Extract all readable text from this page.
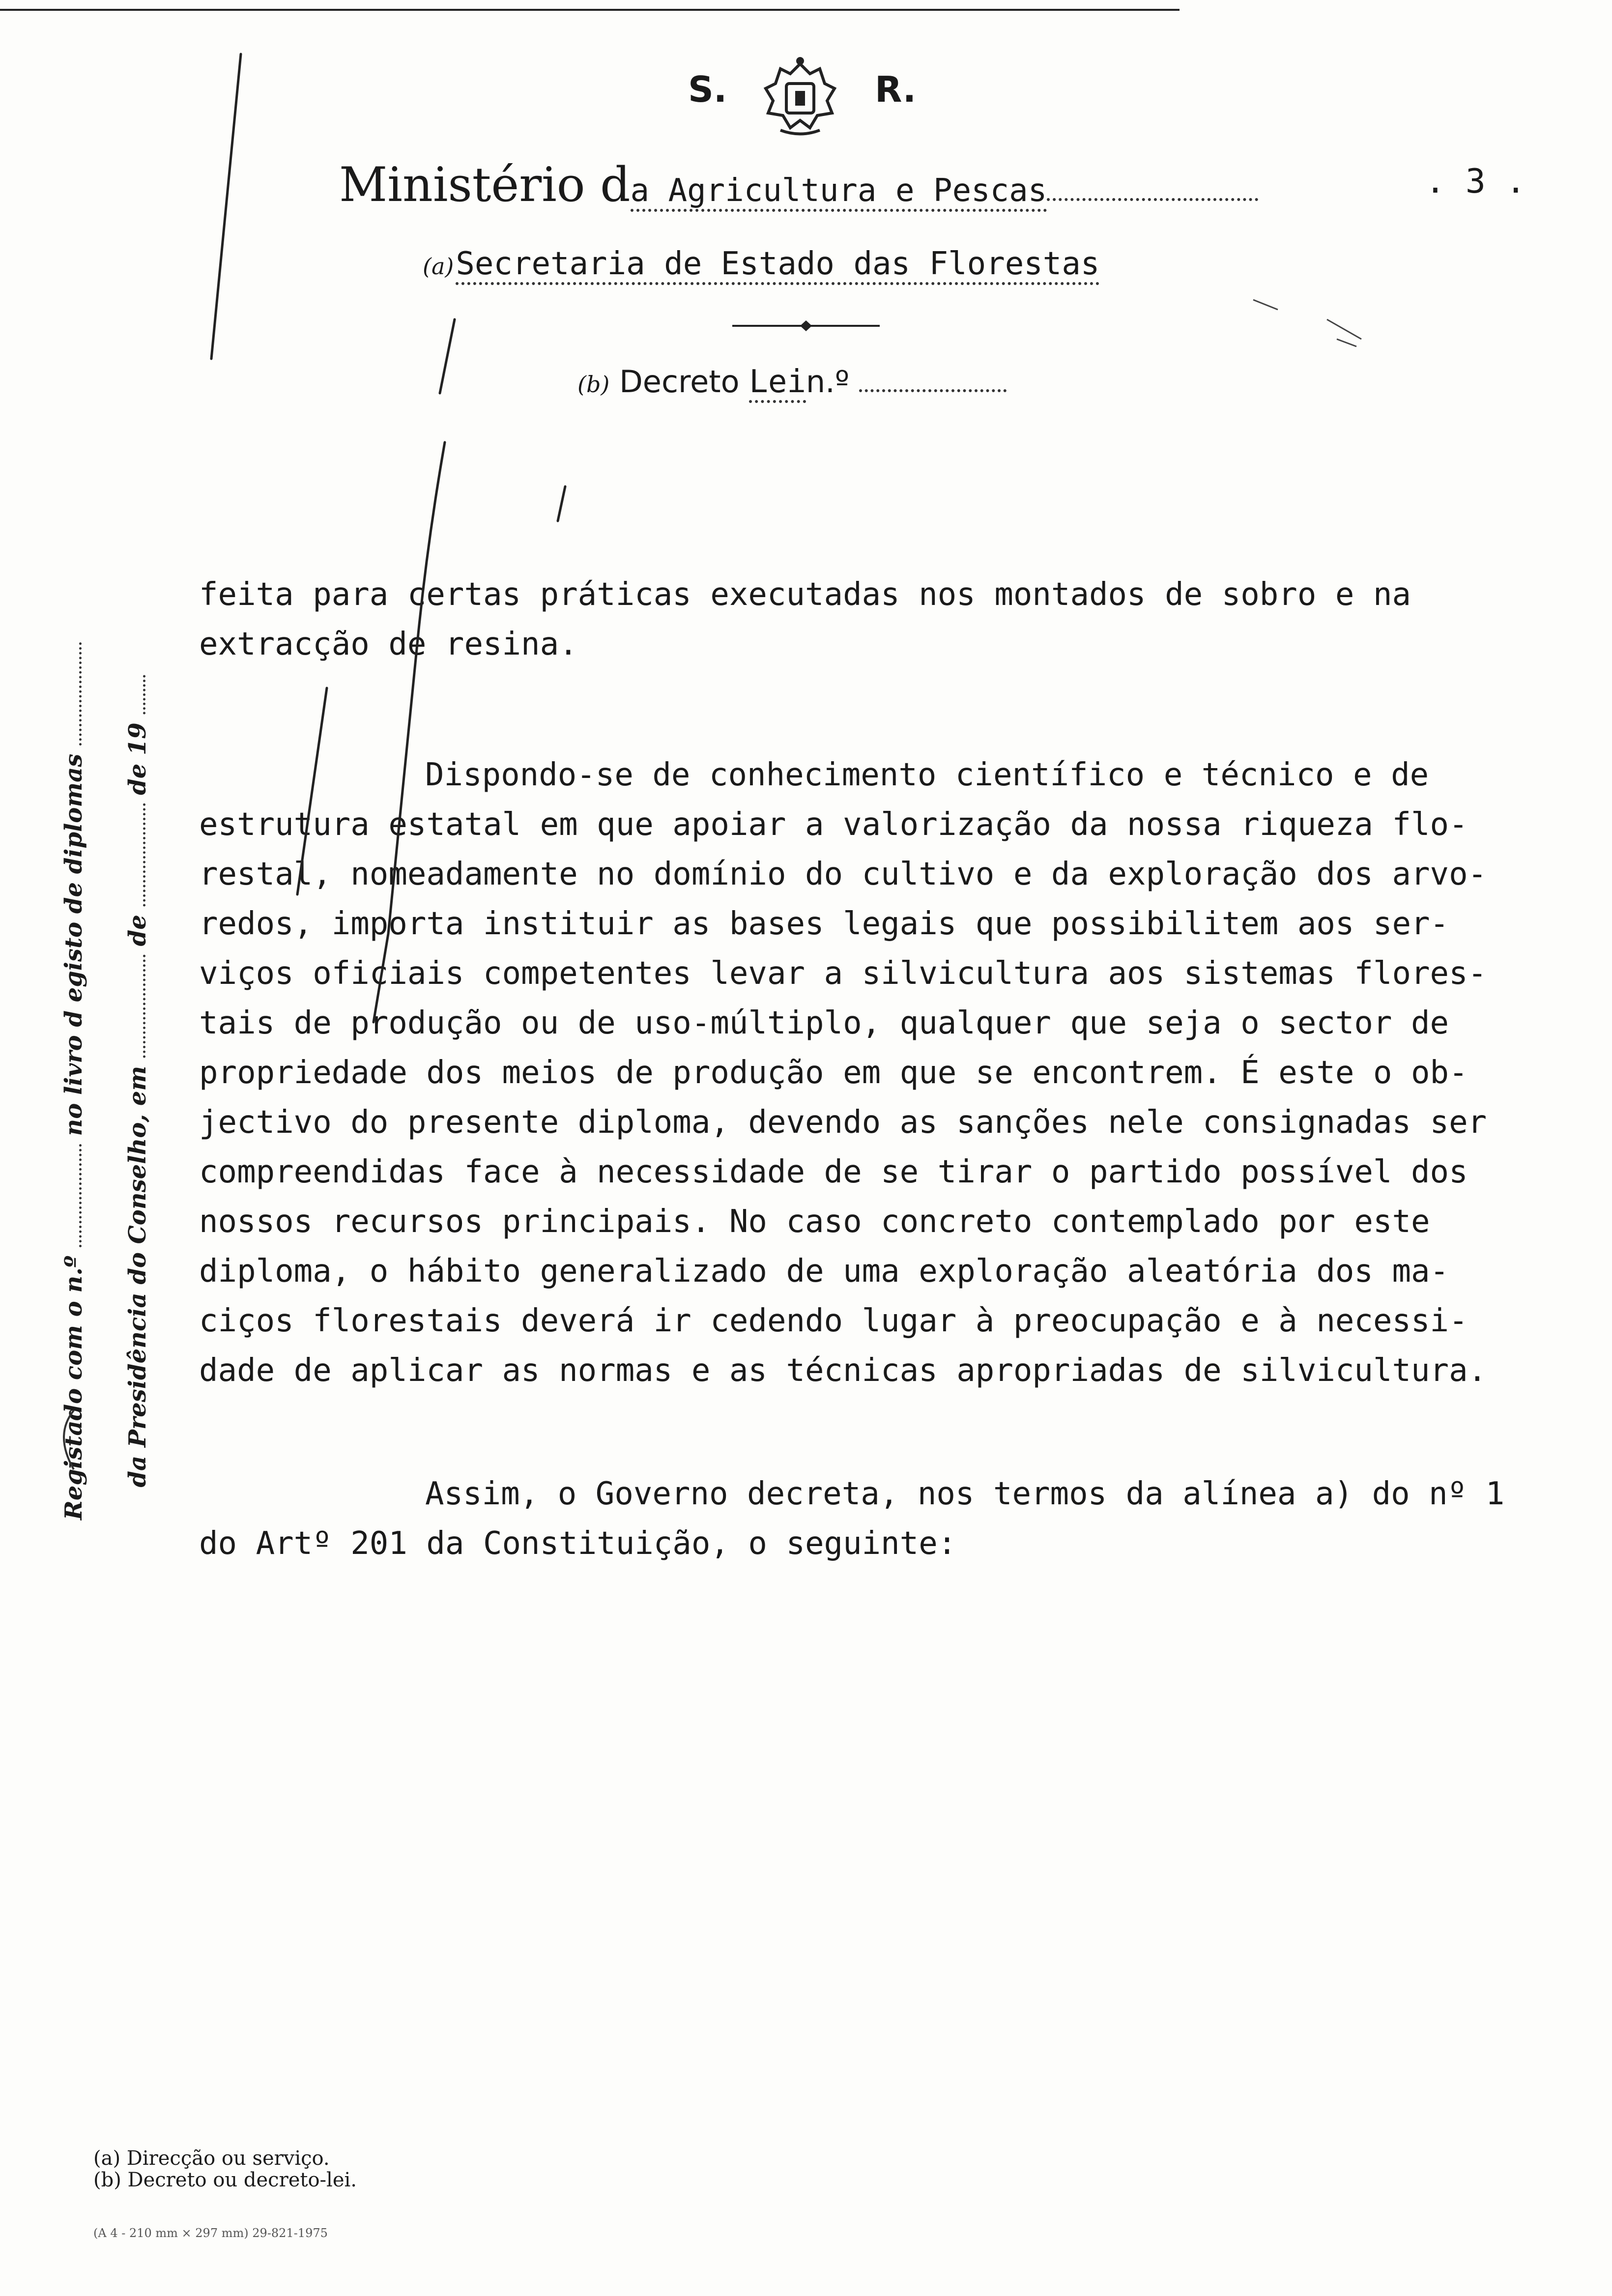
S.	R.
Ministério da Agricultura e Pescas	. 3 .
(a) Secretaria de Estado das Florestas
(b) Decreto Lein.º
Registado com o n.º  no livro d egisto de diplomas
da Presidência do Conselho, em  de  de 19

feita para certas práticas executadas nos montados de sobro e na

extracção de resina.

Dispondo-se de conhecimento científico e técnico e de

estrutura estatal em que apoiar a valorização da nossa riqueza flo-

restal, nomeadamente no domínio do cultivo e da exploração dos arvo-

redos, importa instituir as bases legais que possibilitem aos ser-

viços oficiais competentes levar a silvicultura aos sistemas flores-

tais de produção ou de uso-múltiplo, qualquer que seja o sector de

propriedade dos meios de produção em que se encontrem. É este o ob-

jectivo do presente diploma, devendo as sanções nele consignadas ser

compreendidas face à necessidade de se tirar o partido possível dos

nossos recursos principais. No caso concreto contemplado por este

diploma, o hábito generalizado de uma exploração aleatória dos ma-

ciços florestais deverá ir cedendo lugar à preocupação e à necessi-

dade de aplicar as normas e as técnicas apropriadas de silvicultura.

Assim, o Governo decreta, nos termos da alínea a) do nº 1

do Artº 201 da Constituição, o seguinte:

(a) Direcção ou serviço.
(b) Decreto ou decreto-lei.
(A 4 - 210 mm × 297 mm) 29-821-1975
